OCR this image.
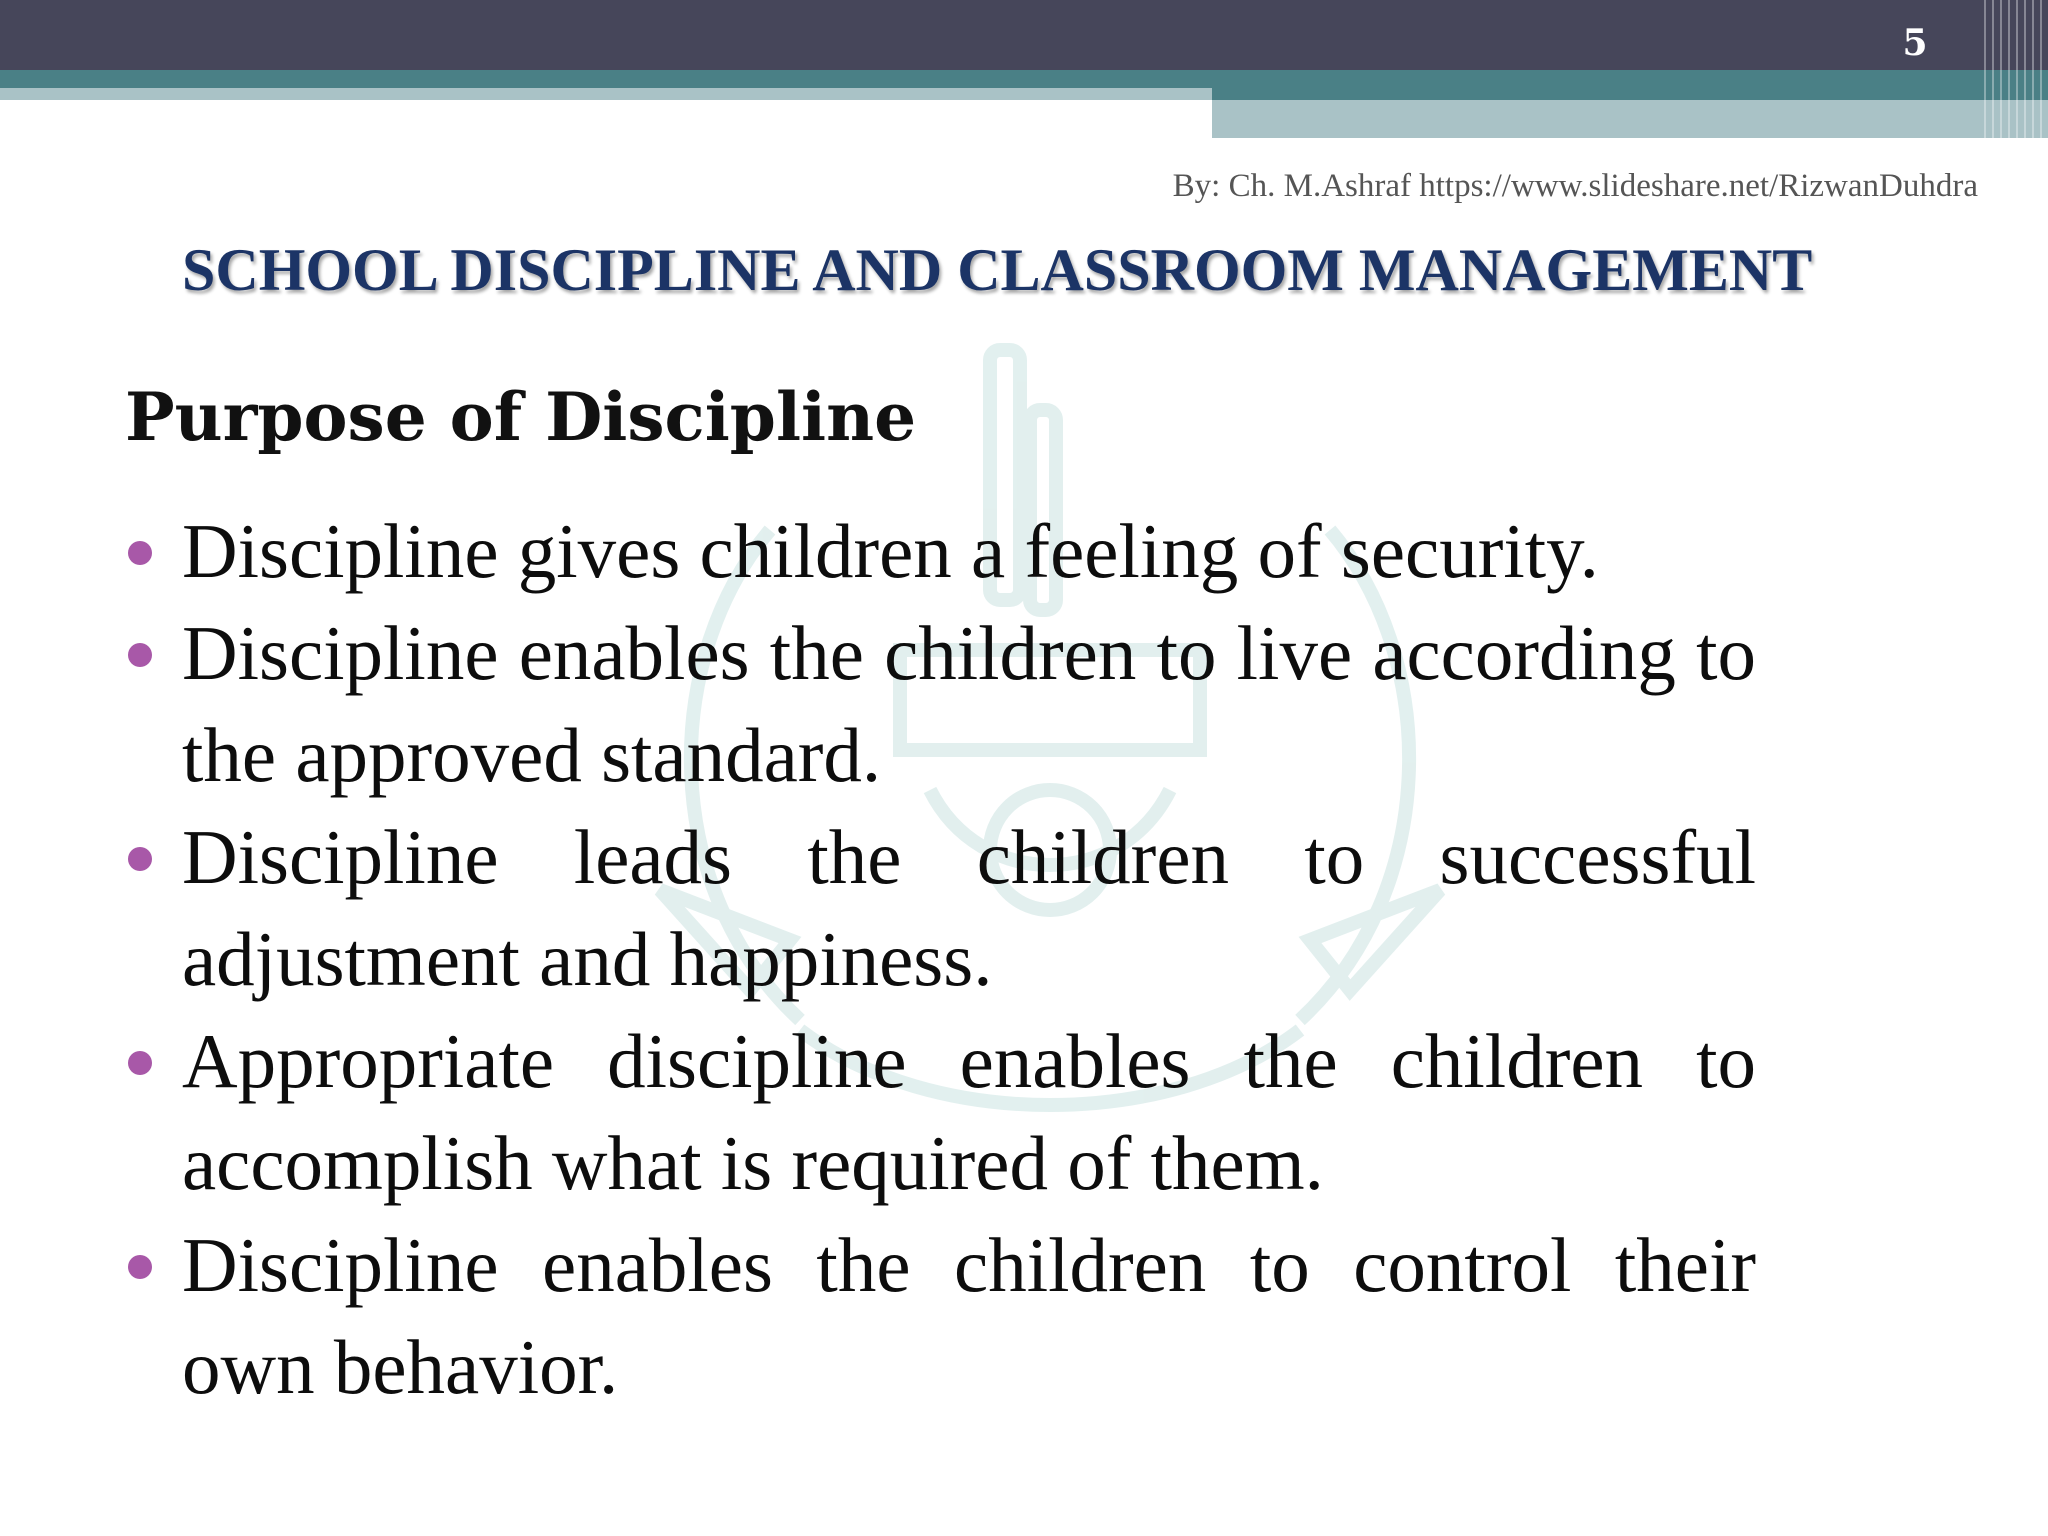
5
By: Ch. M.Ashraf https://www.slideshare.net/RizwanDuhdra
SCHOOL DISCIPLINE AND CLASSROOM MANAGEMENT
Purpose of Discipline
Discipline gives children a feeling of security.
Discipline enables the children to live according to the approved standard.
Discipline leads the children to successful adjustment and happiness.
Appropriate discipline enables the children to accomplish what is required of them.
Discipline enables the children to control their own behavior.
